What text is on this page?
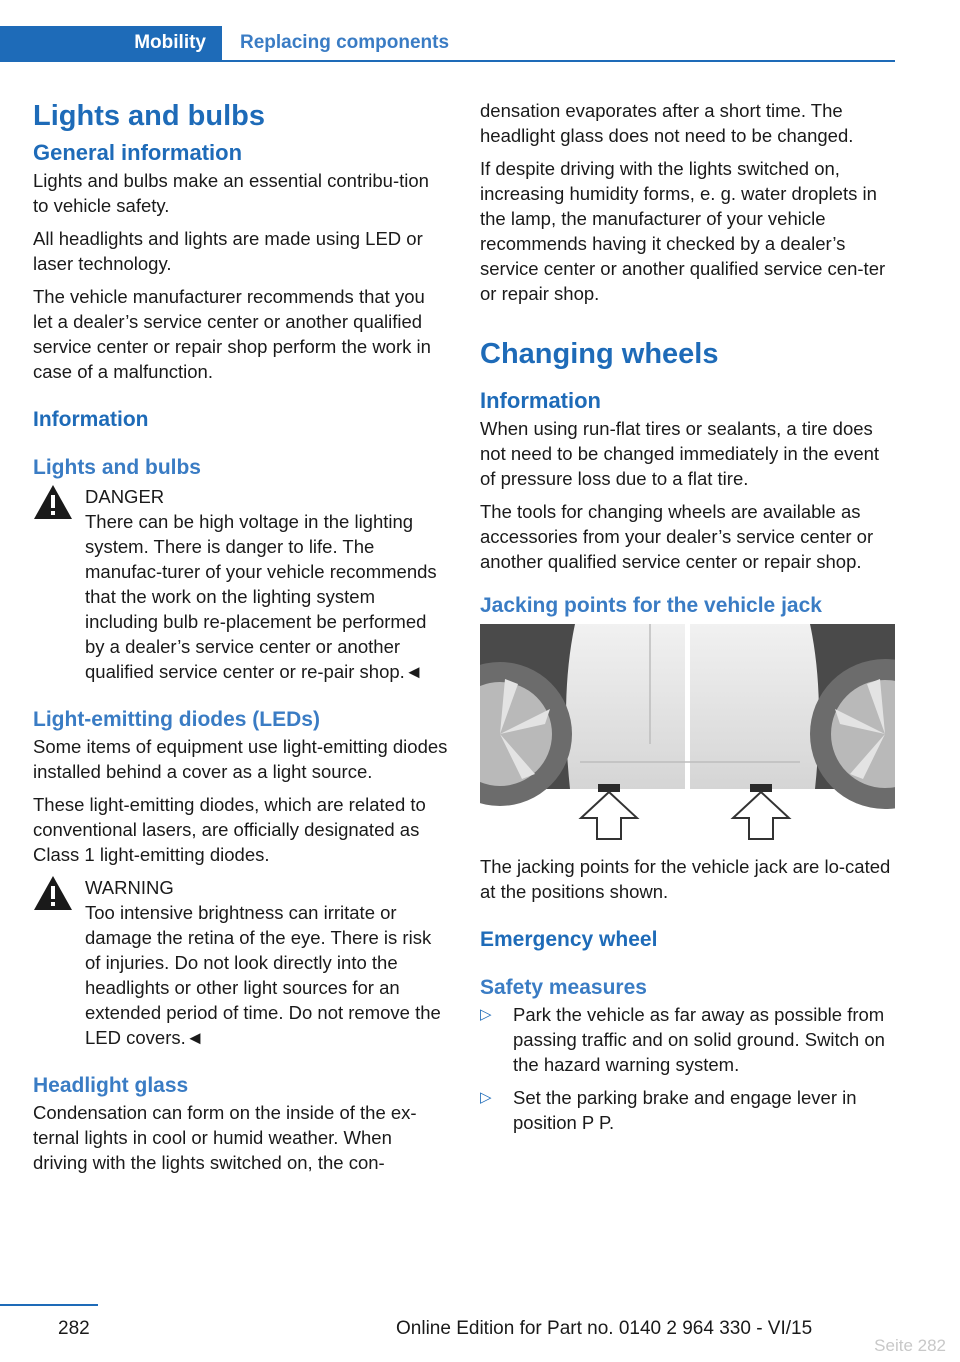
Mobility	Replacing components
Lights and bulbs
General information

Lights and bulbs make an essential contribu‐tion to vehicle safety.

All headlights and lights are made using LED or laser technology.

The vehicle manufacturer recommends that you let a dealer’s service center or another qualified service center or repair shop perform the work in case of a malfunction.

Information
Lights and bulbs
DANGER
There can be high voltage in the lighting system. There is danger to life. The manufac‐turer of your vehicle recommends that the work on the lighting system including bulb re‐placement be performed by a dealer’s service center or another qualified service center or re‐pair shop.◄
Light-emitting diodes (LEDs)

Some items of equipment use light-emitting diodes installed behind a cover as a light source.

These light-emitting diodes, which are related to conventional lasers, are officially designated as Class 1 light-emitting diodes.

WARNING
Too intensive brightness can irritate or damage the retina of the eye. There is risk of injuries. Do not look directly into the headlights or other light sources for an extended period of time. Do not remove the LED covers.◄
Headlight glass

Condensation can form on the inside of the ex‐ternal lights in cool or humid weather. When driving with the lights switched on, the con‐

densation evaporates after a short time. The headlight glass does not need to be changed.

If despite driving with the lights switched on, increasing humidity forms, e. g. water droplets in the lamp, the manufacturer of your vehicle recommends having it checked by a dealer’s service center or another qualified service cen‐ter or repair shop.

Changing wheels
Information

When using run-flat tires or sealants, a tire does not need to be changed immediately in the event of pressure loss due to a flat tire.

The tools for changing wheels are available as accessories from your dealer’s service center or another qualified service center or repair shop.

Jacking points for the vehicle jack

The jacking points for the vehicle jack are lo‐cated at the positions shown.

Emergency wheel
Safety measures
▷ Park the vehicle as far away as possible from passing traffic and on solid ground. Switch on the hazard warning system.
▷ Set the parking brake and engage lever in position P P.
282	Online Edition for Part no. 0140 2 964 330 - VI/15
Seite 282
